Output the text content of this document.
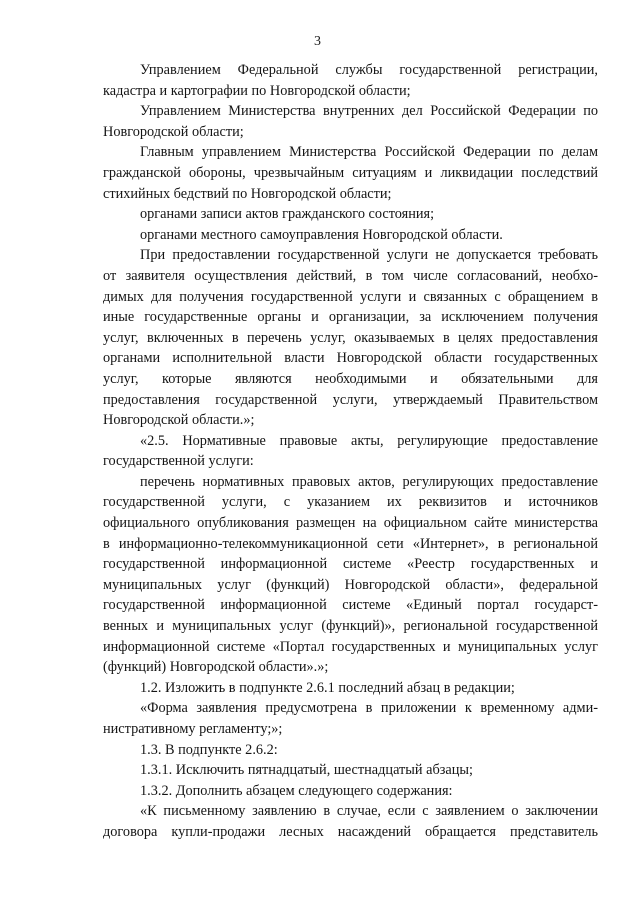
3
Управлением Федеральной службы государственной регистрации,
кадастра и картографии по Новгородской области;
Управлением Министерства внутренних дел Российской Федерации по
Новгородской области;
Главным управлением Министерства Российской Федерации по делам
гражданской обороны, чрезвычайным ситуациям и ликвидации последствий
стихийных бедствий по Новгородской области;
органами записи актов гражданского состояния;
органами местного самоуправления Новгородской области.
При предоставлении государственной услуги не допускается требовать
от заявителя осуществления действий, в том числе согласований, необхо-
димых для получения государственной услуги и связанных с обращением в
иные государственные органы и организации, за исключением получения
услуг, включенных в перечень услуг, оказываемых в целях предоставления
органами исполнительной власти Новгородской области государственных
услуг, которые являются необходимыми и обязательными для
предоставления государственной услуги, утверждаемый Правительством
Новгородской области.»;
«2.5. Нормативные правовые акты, регулирующие предоставление
государственной услуги:
перечень нормативных правовых актов, регулирующих предоставление
государственной услуги, с указанием их реквизитов и источников
официального опубликования размещен на официальном сайте министерства
в информационно-телекоммуникационной сети «Интернет», в региональной
государственной информационной системе «Реестр государственных и
муниципальных услуг (функций) Новгородской области», федеральной
государственной информационной системе «Единый портал государст-
венных и муниципальных услуг (функций)», региональной государственной
информационной системе «Портал государственных и муниципальных услуг
(функций) Новгородской области».»;
1.2. Изложить в подпункте 2.6.1 последний абзац в редакции;
«Форма заявления предусмотрена в приложении к временному адми-
нистративному регламенту;»;
1.3. В подпункте 2.6.2:
1.3.1. Исключить пятнадцатый, шестнадцатый абзацы;
1.3.2. Дополнить абзацем следующего содержания:
«К письменному заявлению в случае, если с заявлением о заключении
договора купли-продажи лесных насаждений обращается представитель
